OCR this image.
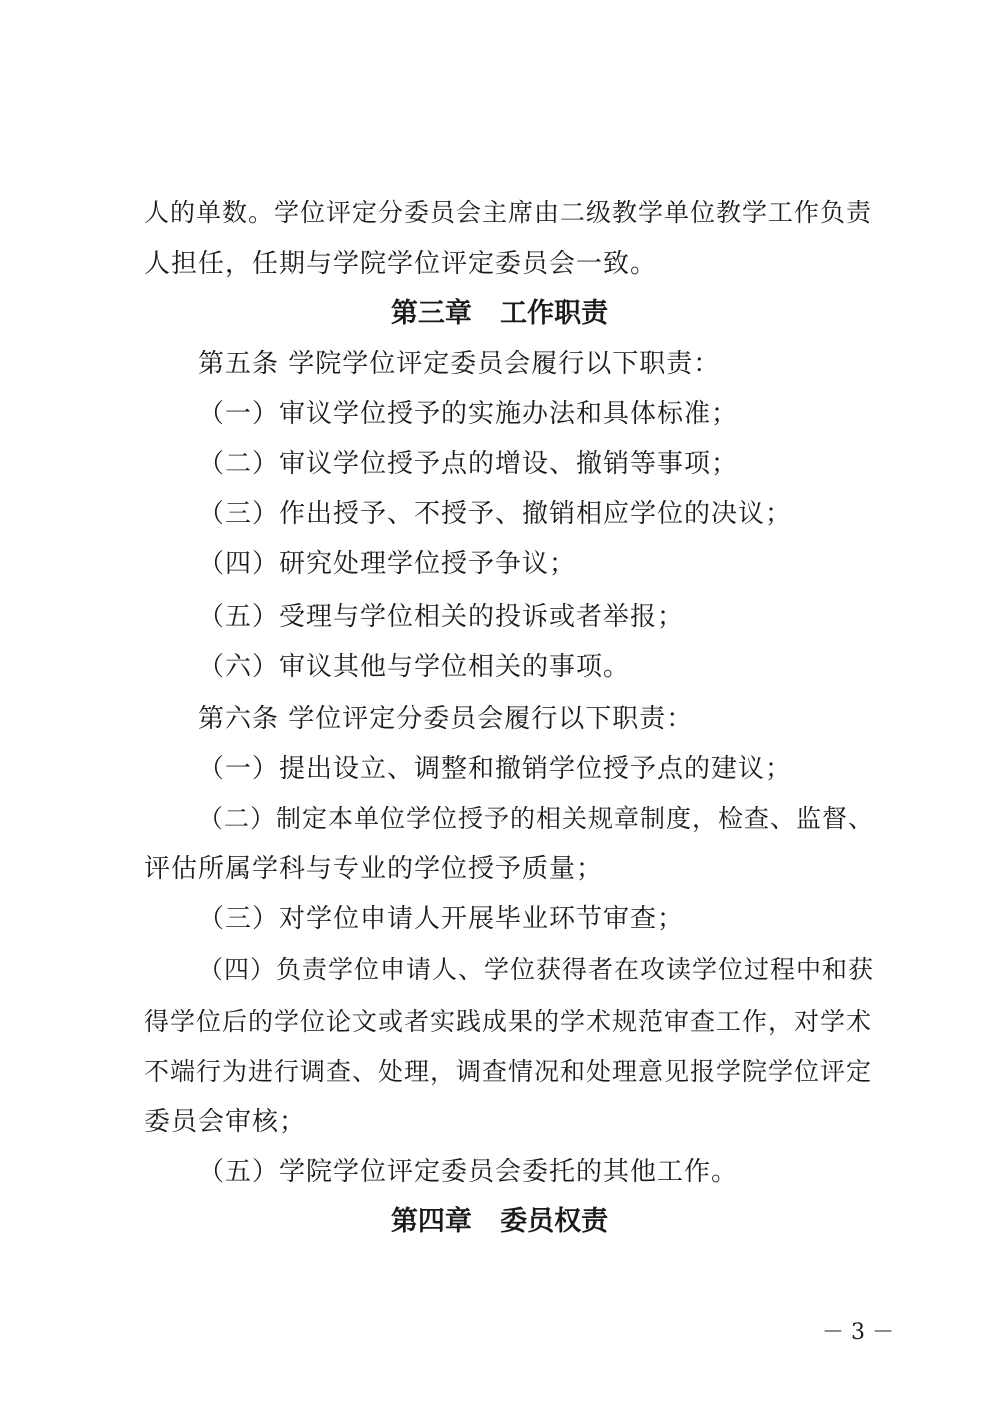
人的单数。学位评定分委员会主席由二级教学单位教学工作负责
人担任，任期与学院学位评定委员会一致。
第三章   工作职责
第五条 学院学位评定委员会履行以下职责：
（一）审议学位授予的实施办法和具体标准；
（二）审议学位授予点的增设、撤销等事项；
（三）作出授予、不授予、撤销相应学位的决议；
（四）研究处理学位授予争议；
（五）受理与学位相关的投诉或者举报；
（六）审议其他与学位相关的事项。
第六条 学位评定分委员会履行以下职责：
（一）提出设立、调整和撤销学位授予点的建议；
（二）制定本单位学位授予的相关规章制度，检查、监督、
评估所属学科与专业的学位授予质量；
（三）对学位申请人开展毕业环节审查；
（四）负责学位申请人、学位获得者在攻读学位过程中和获
得学位后的学位论文或者实践成果的学术规范审查工作，对学术
不端行为进行调查、处理，调查情况和处理意见报学院学位评定
委员会审核；
（五）学院学位评定委员会委托的其他工作。
第四章   委员权责
－ 3 －
